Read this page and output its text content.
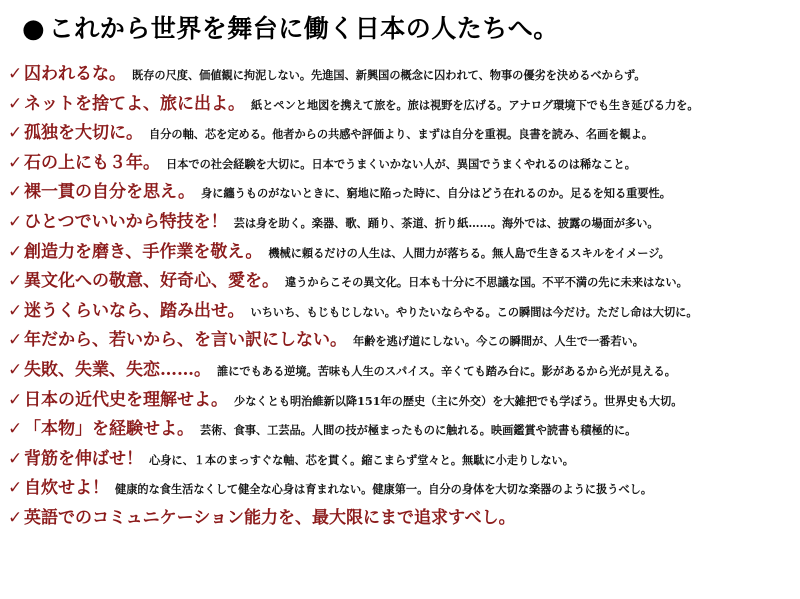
● これから世界を舞台に働く日本の人たちへ。
✓ 囚われるな。 既存の尺度、価値観に拘泥しない。先進国、新興国の概念に囚われて、物事の優劣を決めるべからず。
✓ ネットを捨てよ、旅に出よ。 紙とペンと地図を携えて旅を。旅は視野を広げる。アナログ環境下でも生き延びる力を。
✓ 孤独を大切に。 自分の軸、芯を定める。他者からの共感や評価より、まずは自分を重視。良書を読み、名画を観よ。
✓ 石の上にも３年。 日本での社会経験を大切に。日本でうまくいかない人が、異国でうまくやれるのは稀なこと。
✓ 裸一貫の自分を思え。 身に纏うものがないときに、窮地に陥った時に、自分はどう在れるのか。足るを知る重要性。
✓ ひとつでいいから特技を！ 芸は身を助く。楽器、歌、踊り、茶道、折り紙……。海外では、披露の場面が多い。
✓ 創造力を磨き、手作業を敬え。 機械に頼るだけの人生は、人間力が落ちる。無人島で生きるスキルをイメージ。
✓ 異文化への敬意、好奇心、愛を。 違うからこその異文化。日本も十分に不思議な国。不平不満の先に未来はない。
✓ 迷うくらいなら、踏み出せ。 いちいち、もじもじしない。やりたいならやる。この瞬間は今だけ。ただし命は大切に。
✓ 年だから、若いから、を言い訳にしない。 年齢を逃げ道にしない。今この瞬間が、人生で一番若い。
✓ 失敗、失業、失恋……。 誰にでもある逆境。苦味も人生のスパイス。辛くても踏み台に。影があるから光が見える。
✓ 日本の近代史を理解せよ。 少なくとも明治維新以降151年の歴史（主に外交）を大雑把でも学ぼう。世界史も大切。
✓ 「本物」を経験せよ。 芸術、食事、工芸品。人間の技が極まったものに触れる。映画鑑賞や読書も積極的に。
✓ 背筋を伸ばせ！ 心身に、１本のまっすぐな軸、芯を貫く。縮こまらず堂々と。無駄に小走りしない。
✓ 自炊せよ！ 健康的な食生活なくして健全な心身は育まれない。健康第一。自分の身体を大切な楽器のように扱うべし。
✓ 英語でのコミュニケーション能力を、最大限にまで追求すべし。
